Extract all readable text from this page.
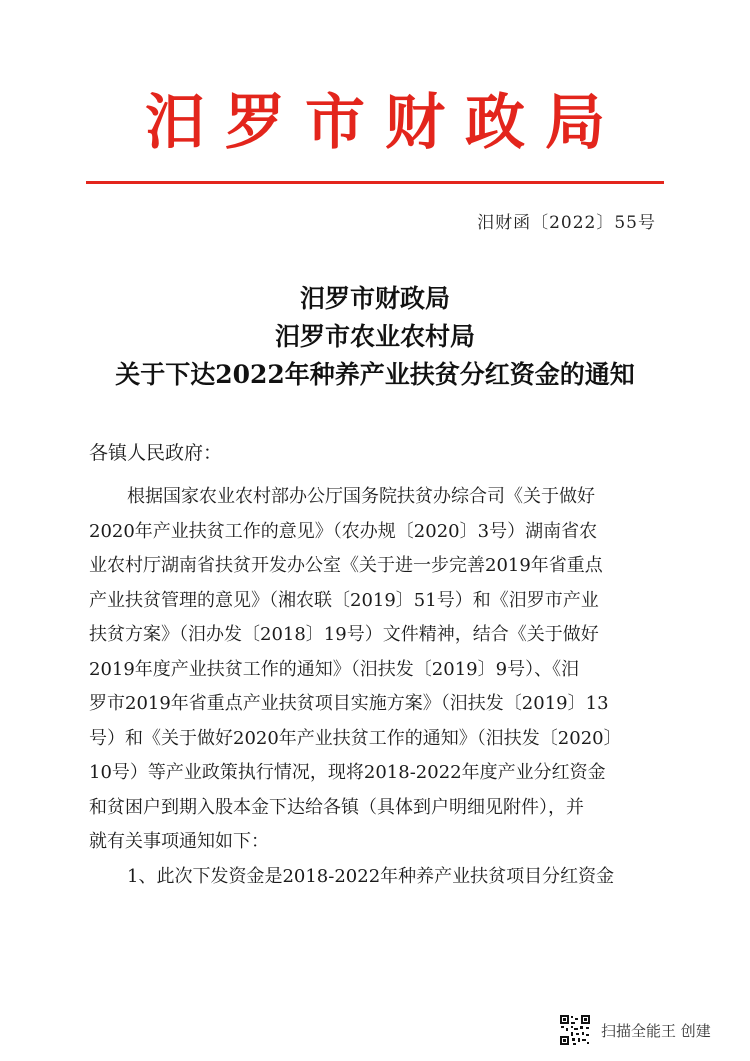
汨罗市财政局
汨财函〔2022〕55号
汨罗市财政局
汨罗市农业农村局
关于下达2022年种养产业扶贫分红资金的通知
各镇人民政府：
根据国家农业农村部办公厅国务院扶贫办综合司《关于做好
2020年产业扶贫工作的意见》（农办规〔2020〕3号）湖南省农
业农村厅湖南省扶贫开发办公室《关于进一步完善2019年省重点
产业扶贫管理的意见》（湘农联〔2019〕51号）和《汨罗市产业
扶贫方案》（汨办发〔2018〕19号）文件精神，结合《关于做好
2019年度产业扶贫工作的通知》（汨扶发〔2019〕9号）、《汨
罗市2019年省重点产业扶贫项目实施方案》（汨扶发〔2019〕13
号）和《关于做好2020年产业扶贫工作的通知》（汨扶发〔2020〕
10号）等产业政策执行情况，现将2018-2022年度产业分红资金
和贫困户到期入股本金下达给各镇（具体到户明细见附件），并
就有关事项通知如下：
1、此次下发资金是2018-2022年种养产业扶贫项目分红资金
扫描全能王 创建
